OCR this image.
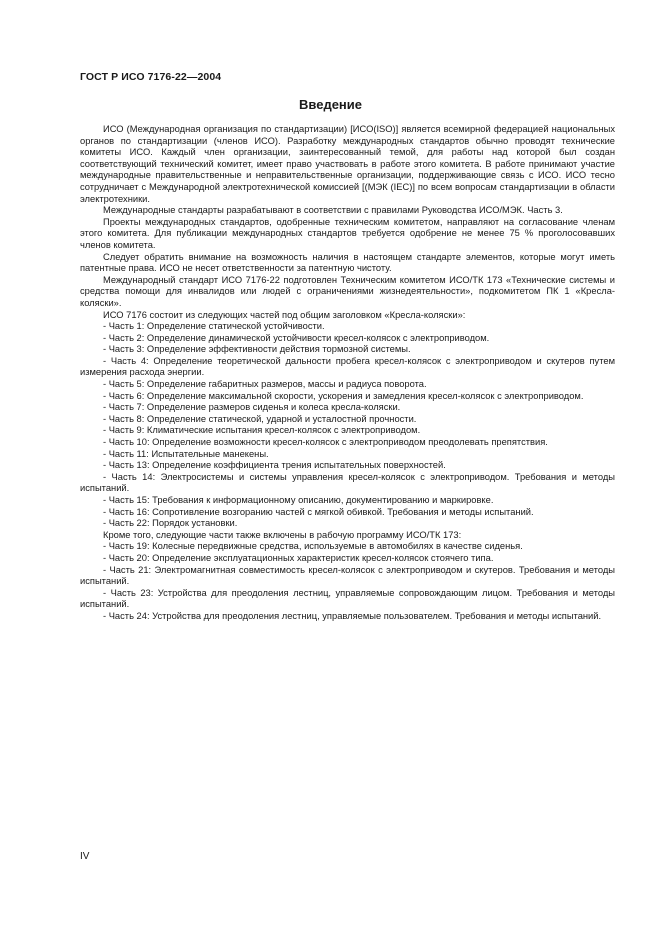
ГОСТ Р ИСО 7176-22—2004
Введение

ИСО (Международная организация по стандартизации) [ИСО(ISO)] является всемирной федерацией национальных органов по стандартизации (членов ИСО). Разработку международных стандартов обычно проводят технические комитеты ИСО. Каждый член организации, заинтересованный темой, для работы над которой был создан соответствующий технический комитет, имеет право участвовать в работе этого комитета. В работе принимают участие международные правительственные и неправительственные организации, поддерживающие связь с ИСО. ИСО тесно сотрудничает с Международной электротехнической комиссией [(МЭК (IEC)] по всем вопросам стандартизации в области электротехники.

Международные стандарты разрабатывают в соответствии с правилами Руководства ИСО/МЭК. Часть 3.

Проекты международных стандартов, одобренные техническим комитетом, направляют на согласование членам этого комитета. Для публикации международных стандартов требуется одобрение не менее 75 % проголосовавших членов комитета.

Следует обратить внимание на возможность наличия в настоящем стандарте элементов, которые могут иметь патентные права. ИСО не несет ответственности за патентную чистоту.

Международный стандарт ИСО 7176-22 подготовлен Техническим комитетом ИСО/ТК 173 «Технические системы и средства помощи для инвалидов или людей с ограничениями жизнедеятельности», подкомитетом ПК 1 «Кресла-коляски».

ИСО 7176 состоит из следующих частей под общим заголовком «Кресла-коляски»:

- Часть 1: Определение статической устойчивости.

- Часть 2: Определение динамической устойчивости кресел-колясок с электроприводом.

- Часть 3: Определение эффективности действия тормозной системы.

- Часть 4: Определение теоретической дальности пробега кресел-колясок с электроприводом и скутеров путем измерения расхода энергии.

- Часть 5: Определение габаритных размеров, массы и радиуса поворота.

- Часть 6: Определение максимальной скорости, ускорения и замедления кресел-колясок с электроприводом.

- Часть 7: Определение размеров сиденья и колеса кресла-коляски.

- Часть 8: Определение статической, ударной и усталостной прочности.

- Часть 9: Климатические испытания кресел-колясок с электроприводом.

- Часть 10: Определение возможности кресел-колясок с электроприводом преодолевать препятствия.

- Часть 11: Испытательные манекены.

- Часть 13: Определение коэффициента трения испытательных поверхностей.

- Часть 14: Электросистемы и системы управления кресел-колясок с электроприводом. Требования и методы испытаний.

- Часть 15: Требования к информационному описанию, документированию и маркировке.

- Часть 16: Сопротивление возгоранию частей с мягкой обивкой. Требования и методы испытаний.

- Часть 22: Порядок установки.

Кроме того, следующие части также включены в рабочую программу ИСО/ТК 173:

- Часть 19: Колесные передвижные средства, используемые в автомобилях в качестве сиденья.

- Часть 20: Определение эксплуатационных характеристик кресел-колясок стоячего типа.

- Часть 21: Электромагнитная совместимость кресел-колясок с электроприводом и скутеров. Требования и методы испытаний.

- Часть 23: Устройства для преодоления лестниц, управляемые сопровождающим лицом. Требования и методы испытаний.

- Часть 24: Устройства для преодоления лестниц, управляемые пользователем. Требования и методы испытаний.

IV
